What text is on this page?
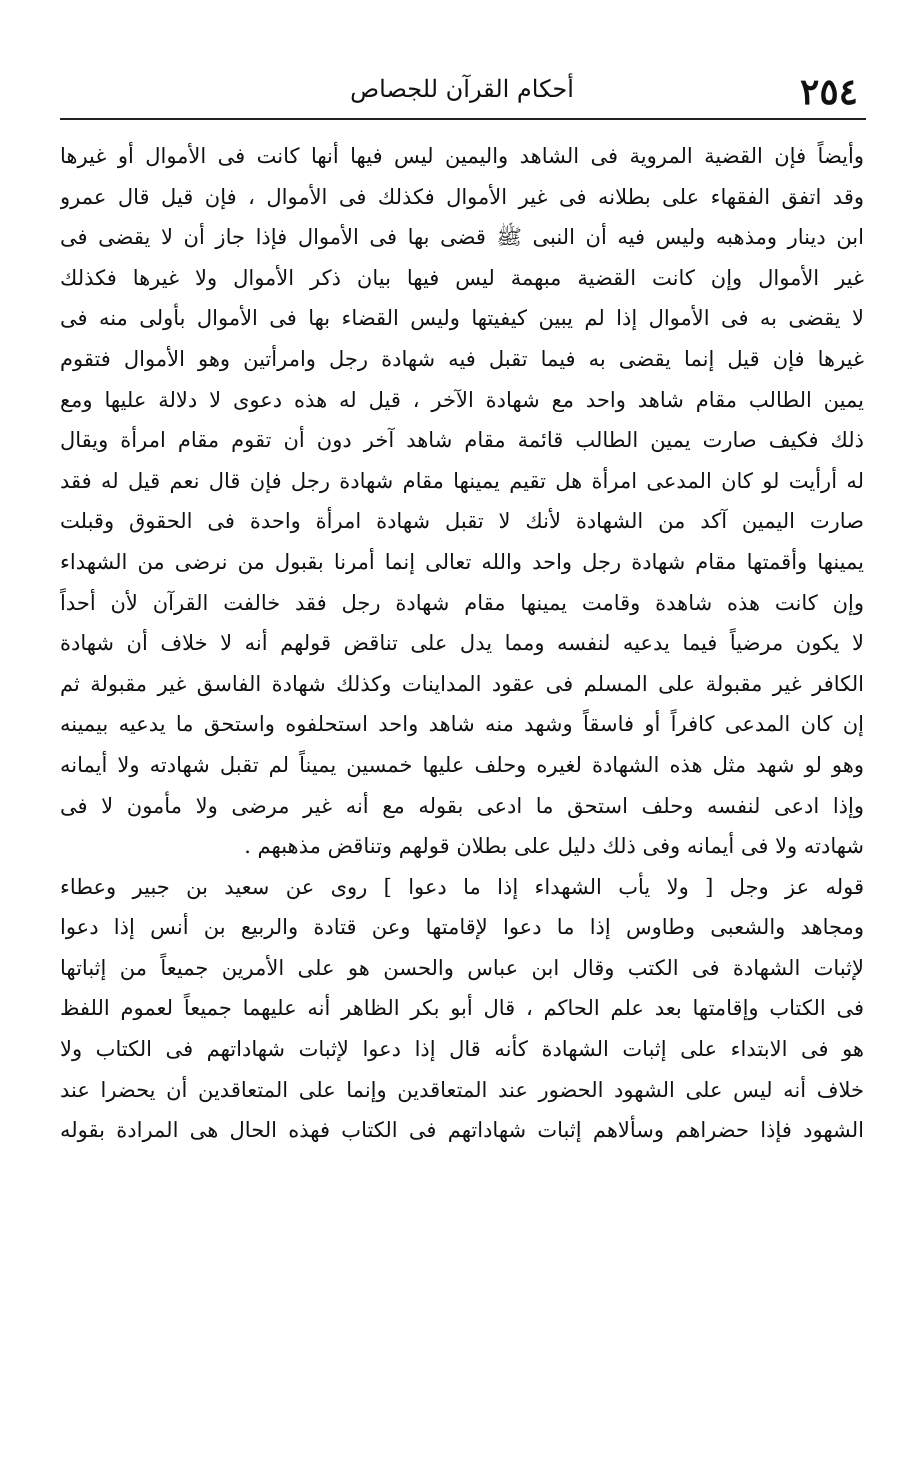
٢٥٤
أحكام القرآن للجصاص
وأيضاً فإن القضية المروية فى الشاهد واليمين ليس فيها أنها كانت فى الأموال أو غيرها
وقد اتفق الفقهاء على بطلانه فى غير الأموال فكذلك فى الأموال ، فإن قيل قال عمرو
ابن دينار ومذهبه وليس فيه أن النبى ﷺ قضى بها فى الأموال فإذا جاز أن لا يقضى فى
غير الأموال وإن كانت القضية مبهمة ليس فيها بيان ذكر الأموال ولا غيرها فكذلك
لا يقضى به فى الأموال إذا لم يبين كيفيتها وليس القضاء بها فى الأموال بأولى منه فى
غيرها فإن قيل إنما يقضى به فيما تقبل فيه شهادة رجل وامرأتين وهو الأموال فتقوم
يمين الطالب مقام شاهد واحد مع شهادة الآخر ، قيل له هذه دعوى لا دلالة عليها ومع
ذلك فكيف صارت يمين الطالب قائمة مقام شاهد آخر دون أن تقوم مقام امرأة ويقال
له أرأيت لو كان المدعى امرأة هل تقيم يمينها مقام شهادة رجل فإن قال نعم قيل له فقد
صارت اليمين آكد من الشهادة لأنك لا تقبل شهادة امرأة واحدة فى الحقوق وقبلت
يمينها وأقمتها مقام شهادة رجل واحد والله تعالى إنما أمرنا بقبول من نرضى من الشهداء
وإن كانت هذه شاهدة وقامت يمينها مقام شهادة رجل فقد خالفت القرآن لأن أحداً
لا يكون مرضياً فيما يدعيه لنفسه ومما يدل على تناقض قولهم أنه لا خلاف أن شهادة
الكافر غير مقبولة على المسلم فى عقود المداينات وكذلك شهادة الفاسق غير مقبولة ثم
إن كان المدعى كافراً أو فاسقاً وشهد منه شاهد واحد استحلفوه واستحق ما يدعيه بيمينه
وهو لو شهد مثل هذه الشهادة لغيره وحلف عليها خمسين يميناً لم تقبل شهادته ولا أيمانه
وإذا ادعى لنفسه وحلف استحق ما ادعى بقوله مع أنه غير مرضى ولا مأمون لا فى
شهادته ولا فى أيمانه وفى ذلك دليل على بطلان قولهم وتناقض مذهبهم .
قوله عز وجل [ ولا يأب الشهداء إذا ما دعوا ] روى عن سعيد بن جبير وعطاء
ومجاهد والشعبى وطاوس إذا ما دعوا لإقامتها وعن قتادة والربيع بن أنس إذا دعوا
لإثبات الشهادة فى الكتب وقال ابن عباس والحسن هو على الأمرين جميعاً من إثباتها
فى الكتاب وإقامتها بعد علم الحاكم ، قال أبو بكر الظاهر أنه عليهما جميعاً لعموم اللفظ
هو فى الابتداء على إثبات الشهادة كأنه قال إذا دعوا لإثبات شهاداتهم فى الكتاب ولا
خلاف أنه ليس على الشهود الحضور عند المتعاقدين وإنما على المتعاقدين أن يحضرا عند
الشهود فإذا حضراهم وسألاهم إثبات شهاداتهم فى الكتاب فهذه الحال هى المرادة بقوله
